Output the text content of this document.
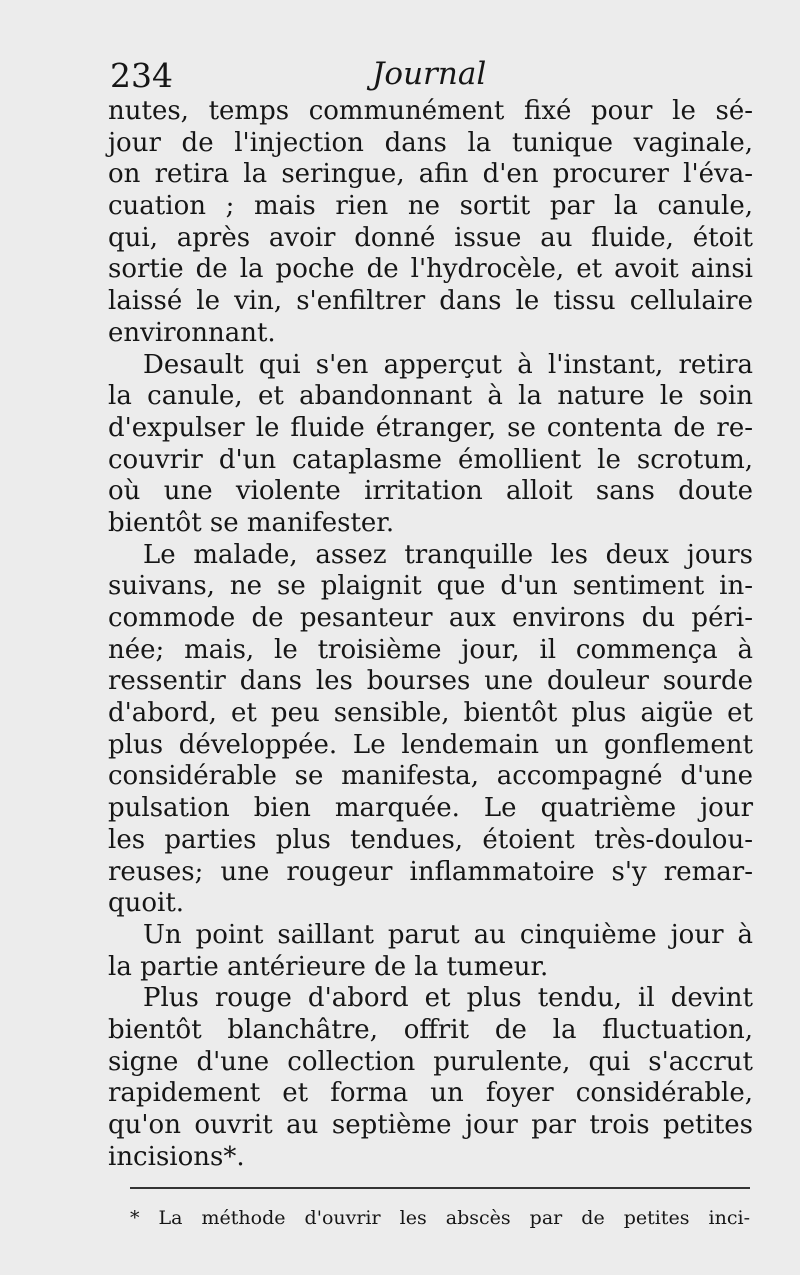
234	Journal
nutes, temps communément fixé pour le sé-
jour de l'injection dans la tunique vaginale,
on retira la seringue, afin d'en procurer l'éva-
cuation ; mais rien ne sortit par la canule,
qui, après avoir donné issue au fluide, étoit
sortie de la poche de l'hydrocèle, et avoit ainsi
laissé le vin, s'enfiltrer dans le tissu cellulaire
environnant.
Desault qui s'en apperçut à l'instant, retira
la canule, et abandonnant à la nature le soin
d'expulser le fluide étranger, se contenta de re-
couvrir d'un cataplasme émollient le scrotum,
où une violente irritation alloit sans doute
bientôt se manifester.
Le malade, assez tranquille les deux jours
suivans, ne se plaignit que d'un sentiment in-
commode de pesanteur aux environs du péri-
née; mais, le troisième jour, il commença à
ressentir dans les bourses une douleur sourde
d'abord, et peu sensible, bientôt plus aigüe et
plus développée. Le lendemain un gonflement
considérable se manifesta, accompagné d'une
pulsation bien marquée. Le quatrième jour
les parties plus tendues, étoient très-doulou-
reuses; une rougeur inflammatoire s'y remar-
quoit.
Un point saillant parut au cinquième jour à
la partie antérieure de la tumeur.
Plus rouge d'abord et plus tendu, il devint
bientôt blanchâtre, offrit de la fluctuation,
signe d'une collection purulente, qui s'accrut
rapidement et forma un foyer considérable,
qu'on ouvrit au septième jour par trois petites
incisions*.
* La méthode d'ouvrir les abscès par de petites inci-
